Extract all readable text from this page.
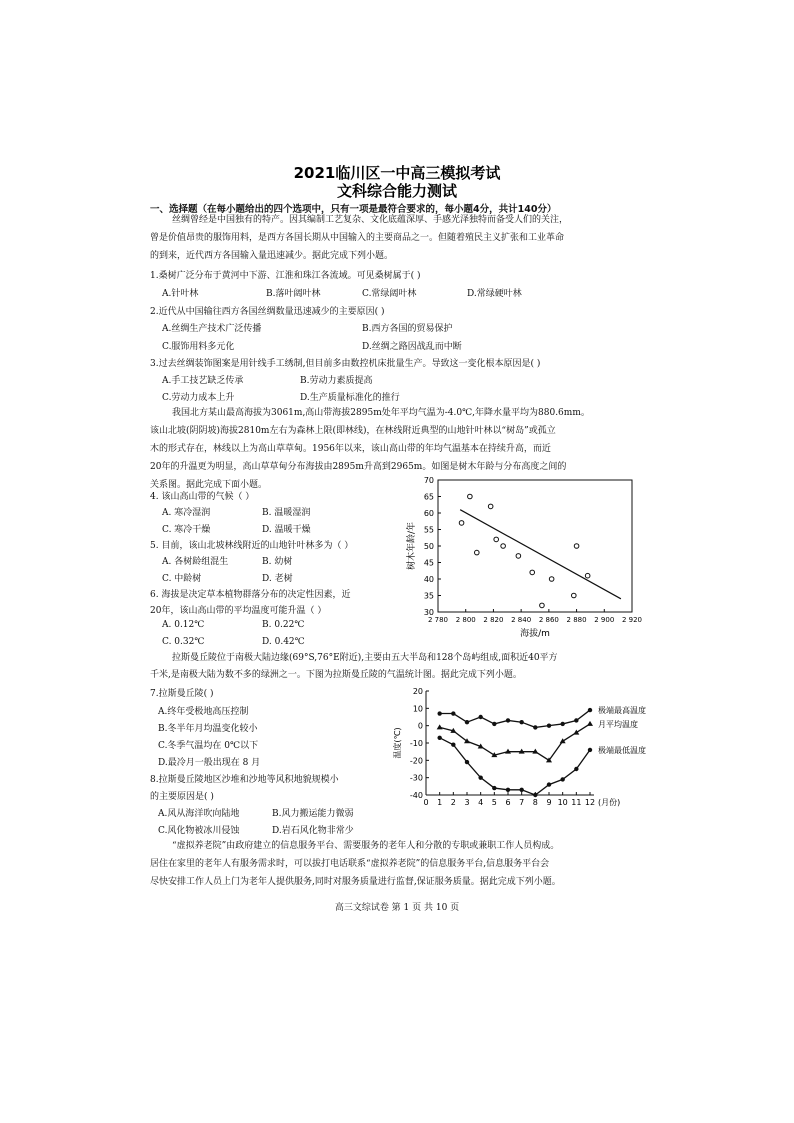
2021临川区一中高三模拟考试
文科综合能力测试
一、选择题（在每小题给出的四个选项中，只有一项是最符合要求的，每小题4分，共计140分）
丝绸曾经是中国独有的特产。因其编制工艺复杂、文化底蕴深厚、手感光泽独特而备受人们的关注，
曾是价值昂贵的服饰用料，是西方各国长期从中国输入的主要商品之一。但随着殖民主义扩张和工业革命
的到来，近代西方各国输入量迅速减少。据此完成下列小题。
1.桑树广泛分布于黄河中下游、江淮和珠江各流域。可见桑树属于( )
A.针叶林	B.落叶阔叶林	C.常绿阔叶林	D.常绿硬叶林
2.近代从中国输往西方各国丝绸数量迅速减少的主要原因( )
A.丝绸生产技术广泛传播	B.西方各国的贸易保护
C.服饰用料多元化	D.丝绸之路因战乱而中断
3.过去丝绸装饰图案是用针线手工绣制,但目前多由数控机床批量生产。导致这一变化根本原因是( )
A.手工技艺缺乏传承	B.劳动力素质提高
C.劳动力成本上升	D.生产质量标准化的推行
我国北方某山最高海拔为3061m,高山带海拔2895m处年平均气温为-4.0℃,年降水量平均为880.6mm。
该山北坡(阴阴坡)海拔2810m左右为森林上限(即林线)，在林线附近典型的山地针叶林以“树岛”或孤立
木的形式存在，林线以上为高山草草甸。1956年以来，该山高山带的年均气温基本在持续升高，而近
20年的升温更为明显，高山草草甸分布海拔由2895m升高到2965m。如图是树木年龄与分布高度之间的
关系图。据此完成下面小题。
4. 该山高山带的气候（ ）
A. 寒冷湿润	B. 温暖湿润
C. 寒冷干燥	D. 温暖干燥
5. 目前，该山北坡林线附近的山地针叶林多为（ ）
A. 各树龄组混生	B. 幼树
C. 中龄树	D. 老树
6. 海拔是决定草本植物群落分布的决定性因素，近
20年，该山高山带的平均温度可能升温（ ）
A. 0.12℃	B. 0.22℃
C. 0.32℃	D. 0.42℃
30
35
40
45
50
55
60
65
70
2 780 2 800 2 820 2 840 2 860 2 880 2 900 2 920
海拔/m
树木年龄/年
拉斯曼丘陵位于南极大陆边缘(69°S,76°E附近),主要由五大半岛和128个岛屿组成,面积近40平方
千米,是南极大陆为数不多的绿洲之一。下图为拉斯曼丘陵的气温统计图。据此完成下列小题。
7.拉斯曼丘陵( )
A.终年受极地高压控制
B.冬半年月均温变化较小
C.冬季气温均在 0℃以下
D.最冷月一般出现在 8 月
8.拉斯曼丘陵地区沙堆和沙地等风积地貌规模小
的主要原因是( )
A.风从海洋吹向陆地	B.风力搬运能力微弱
C.风化物被冰川侵蚀	D.岩石风化物非常少
20
10
0
-10
-20
-30
-40
0 1 2 3 4 5 6 7 8 9 10 11 12 (月份)
温度(℃)
极端最高温度
月平均温度
极端最低温度
“虚拟养老院”由政府建立的信息服务平台、需要服务的老年人和分散的专职或兼职工作人员构成。
居住在家里的老年人有服务需求时，可以拔打电话联系“虚拟养老院”的信息服务平台,信息服务平台会
尽快安排工作人员上门为老年人提供服务,同时对服务质量进行监督,保证服务质量。据此完成下列小题。
高三文综试卷 第 1 页 共 10 页
